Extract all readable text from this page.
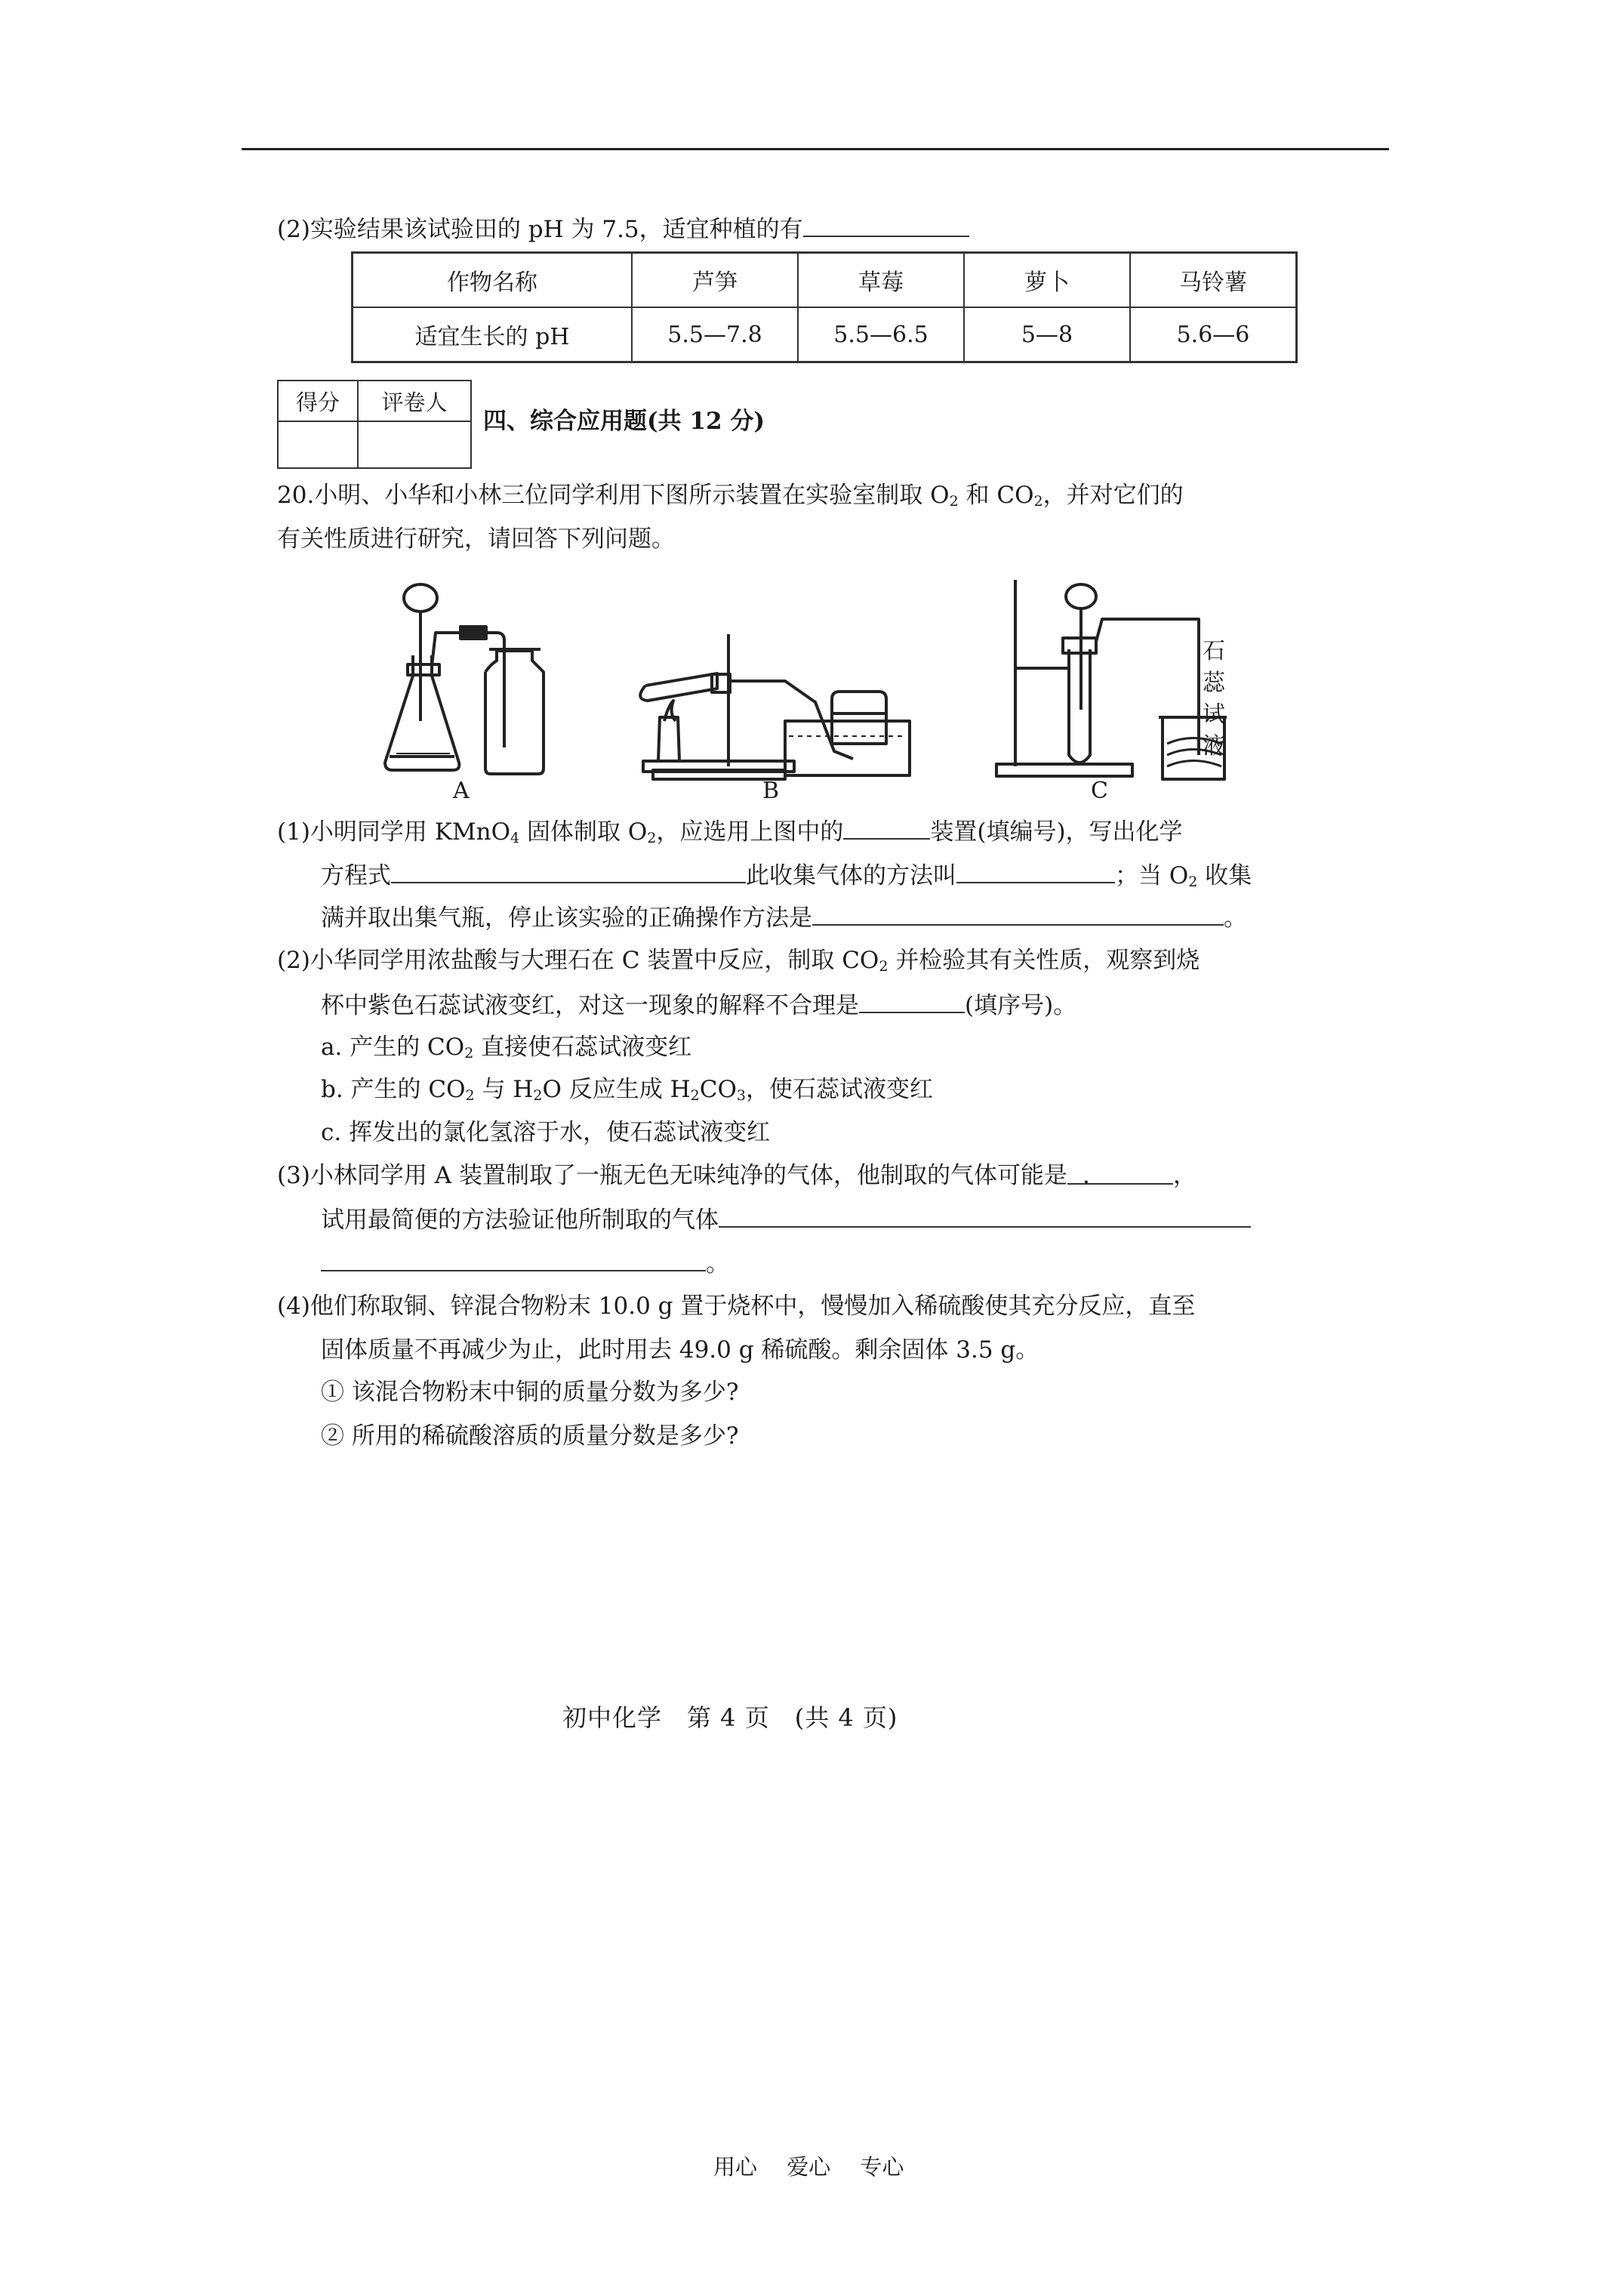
(2)实验结果该试验田的 pH 为 7.5，适宜种植的有
作物名称	芦笋	草莓	萝卜	马铃薯
适宜生长的 pH	5.5—7.8	5.5—6.5	5—8	5.6—6
得分	评卷人

四、综合应用题(共 12 分)
20.小明、小华和小林三位同学利用下图所示装置在实验室制取 $O_2$ 和 $CO_2$，并对它们的
有关性质进行研究，请回答下列问题。
A	B	C
石
蕊
试
液
(1)小明同学用 KMnO$_4$ 固体制取 $O_2$，应选用上图中的	装置(填编号)，写出化学
方程式	此收集气体的方法叫	；当 $O_2$ 收集
满并取出集气瓶，停止该实验的正确操作方法是	。
(2)小华同学用浓盐酸与大理石在 C 装置中反应，制取 $CO_2$ 并检验其有关性质，观察到烧
杯中紫色石蕊试液变红，对这一现象的解释不合理是	(填序号)。
a. 产生的 $CO_2$ 直接使石蕊试液变红
b. 产生的 $CO_2$ 与 $H_2O$ 反应生成 $H_2CO_3$，使石蕊试液变红
c. 挥发出的氯化氢溶于水，使石蕊试液变红
(3)小林同学用 A 装置制取了一瓶无色无味纯净的气体，他制取的气体可能是 .	，
试用最简便的方法验证他所制取的气体
。
(4)他们称取铜、锌混合物粉末 10.0 g 置于烧杯中，慢慢加入稀硫酸使其充分反应，直至
固体质量不再减少为止，此时用去 49.0 g 稀硫酸。剩余固体 3.5 g。
① 该混合物粉末中铜的质量分数为多少?
② 所用的稀硫酸溶质的质量分数是多少?
初中化学　第 4 页　(共 4 页)
用心 爱心 专心
